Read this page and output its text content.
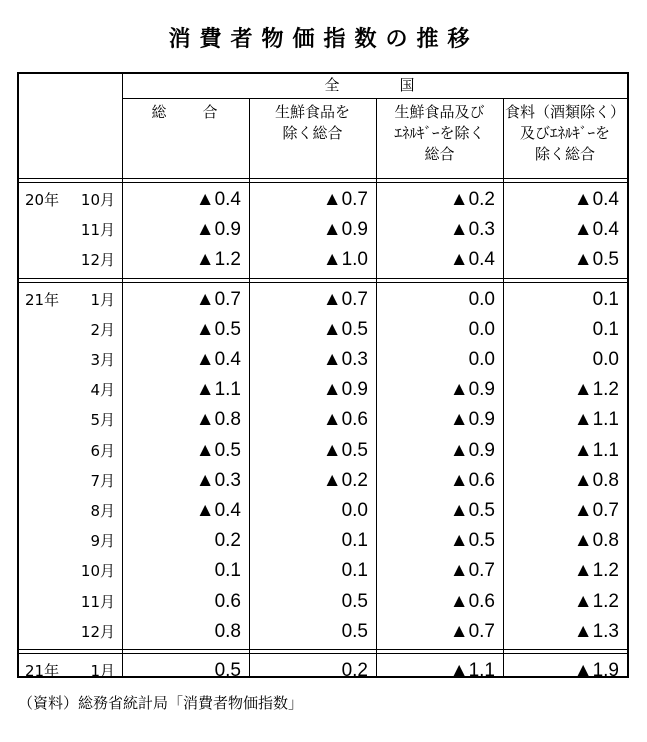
消費者物価指数の推移
全　　国
総　　合	生鮮食品を
除く総合
生鮮食品及び
ｴﾈﾙｷﾞｰを除く
総合
食料（酒類除く）
及びｴﾈﾙｷﾞｰを
除く総合
20年	10月	▲0.4	▲0.7	▲0.2	▲0.4
11月	▲0.9	▲0.9	▲0.3	▲0.4
12月	▲1.2	▲1.0	▲0.4	▲0.5
21年	1月	▲0.7	▲0.7	0.0	0.1
2月	▲0.5	▲0.5	0.0	0.1
3月	▲0.4	▲0.3	0.0	0.0
4月	▲1.1	▲0.9	▲0.9	▲1.2
5月	▲0.8	▲0.6	▲0.9	▲1.1
6月	▲0.5	▲0.5	▲0.9	▲1.1
7月	▲0.3	▲0.2	▲0.6	▲0.8
8月	▲0.4	0.0	▲0.5	▲0.7
9月	0.2	0.1	▲0.5	▲0.8
10月	0.1	0.1	▲0.7	▲1.2
11月	0.6	0.5	▲0.6	▲1.2
12月	0.8	0.5	▲0.7	▲1.3
21年	1月	0.5	0.2	▲1.1	▲1.9
（資料）総務省統計局「消費者物価指数」
